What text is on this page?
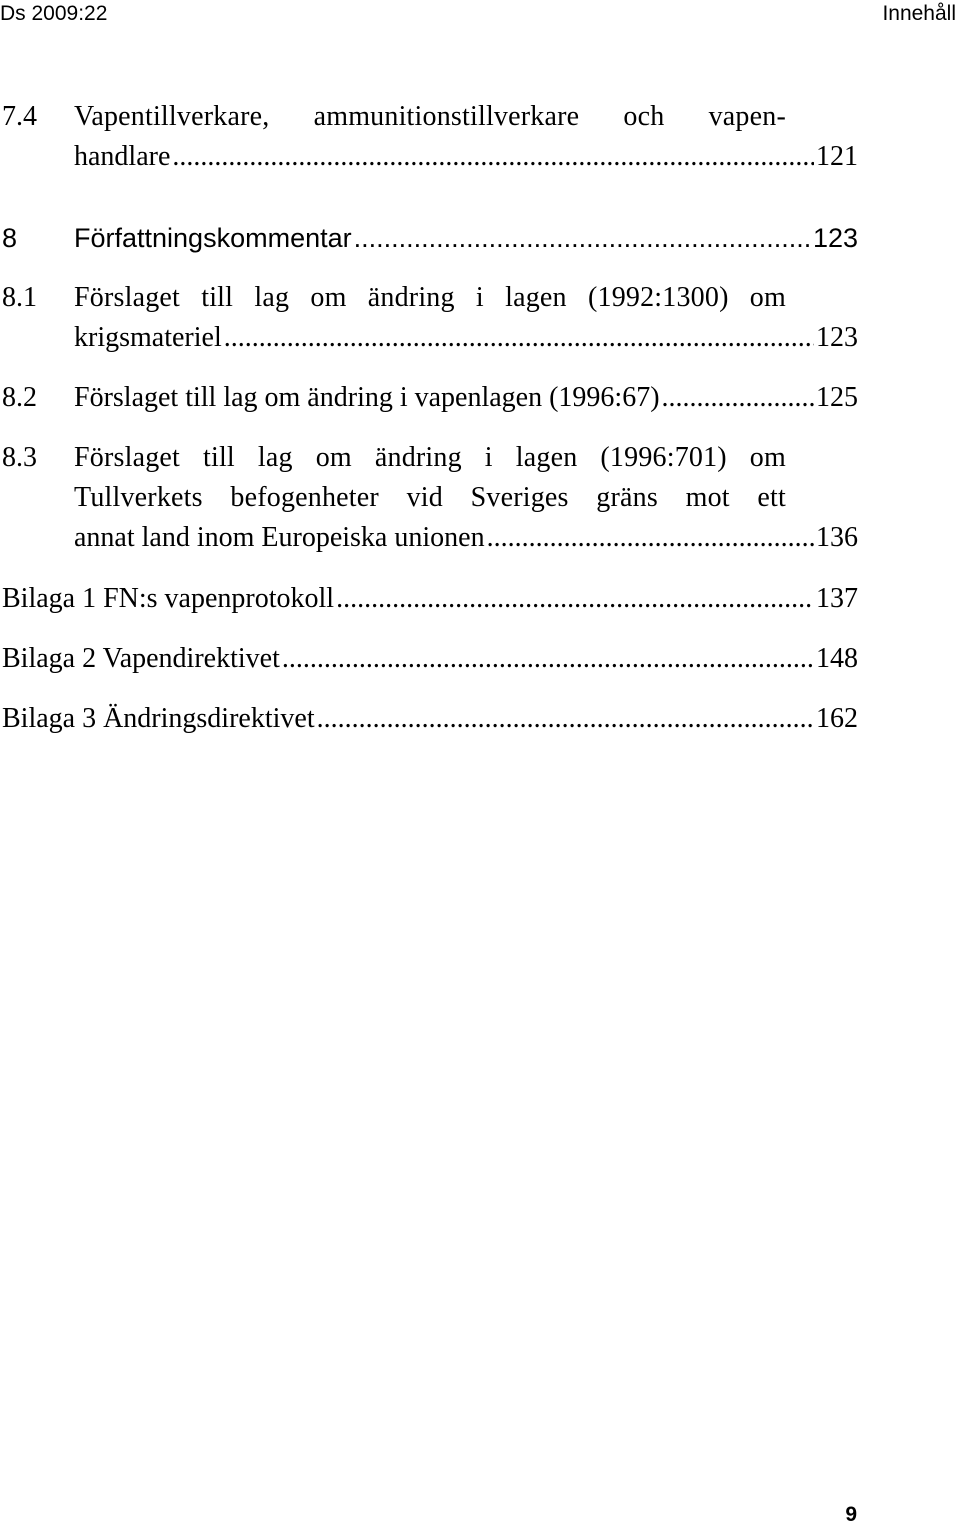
Ds 2009:22	Innehåll
7.4 Vapentillverkare, ammunitionstillverkare och vapen-
handlare .....	121
8 Författningskommentar .....	123
8.1 Förslaget till lag om ändring i lagen (1992:1300) om
krigsmateriel .....	123
8.2 Förslaget till lag om ändring i vapenlagen (1996:67) .....	125
8.3 Förslaget till lag om ändring i lagen (1996:701) om
Tullverkets befogenheter vid Sveriges gräns mot ett
annat land inom Europeiska unionen .....	136
Bilaga 1 FN:s vapenprotokoll .....	137
Bilaga 2 Vapendirektivet .....	148
Bilaga 3 Ändringsdirektivet .....	162
9
